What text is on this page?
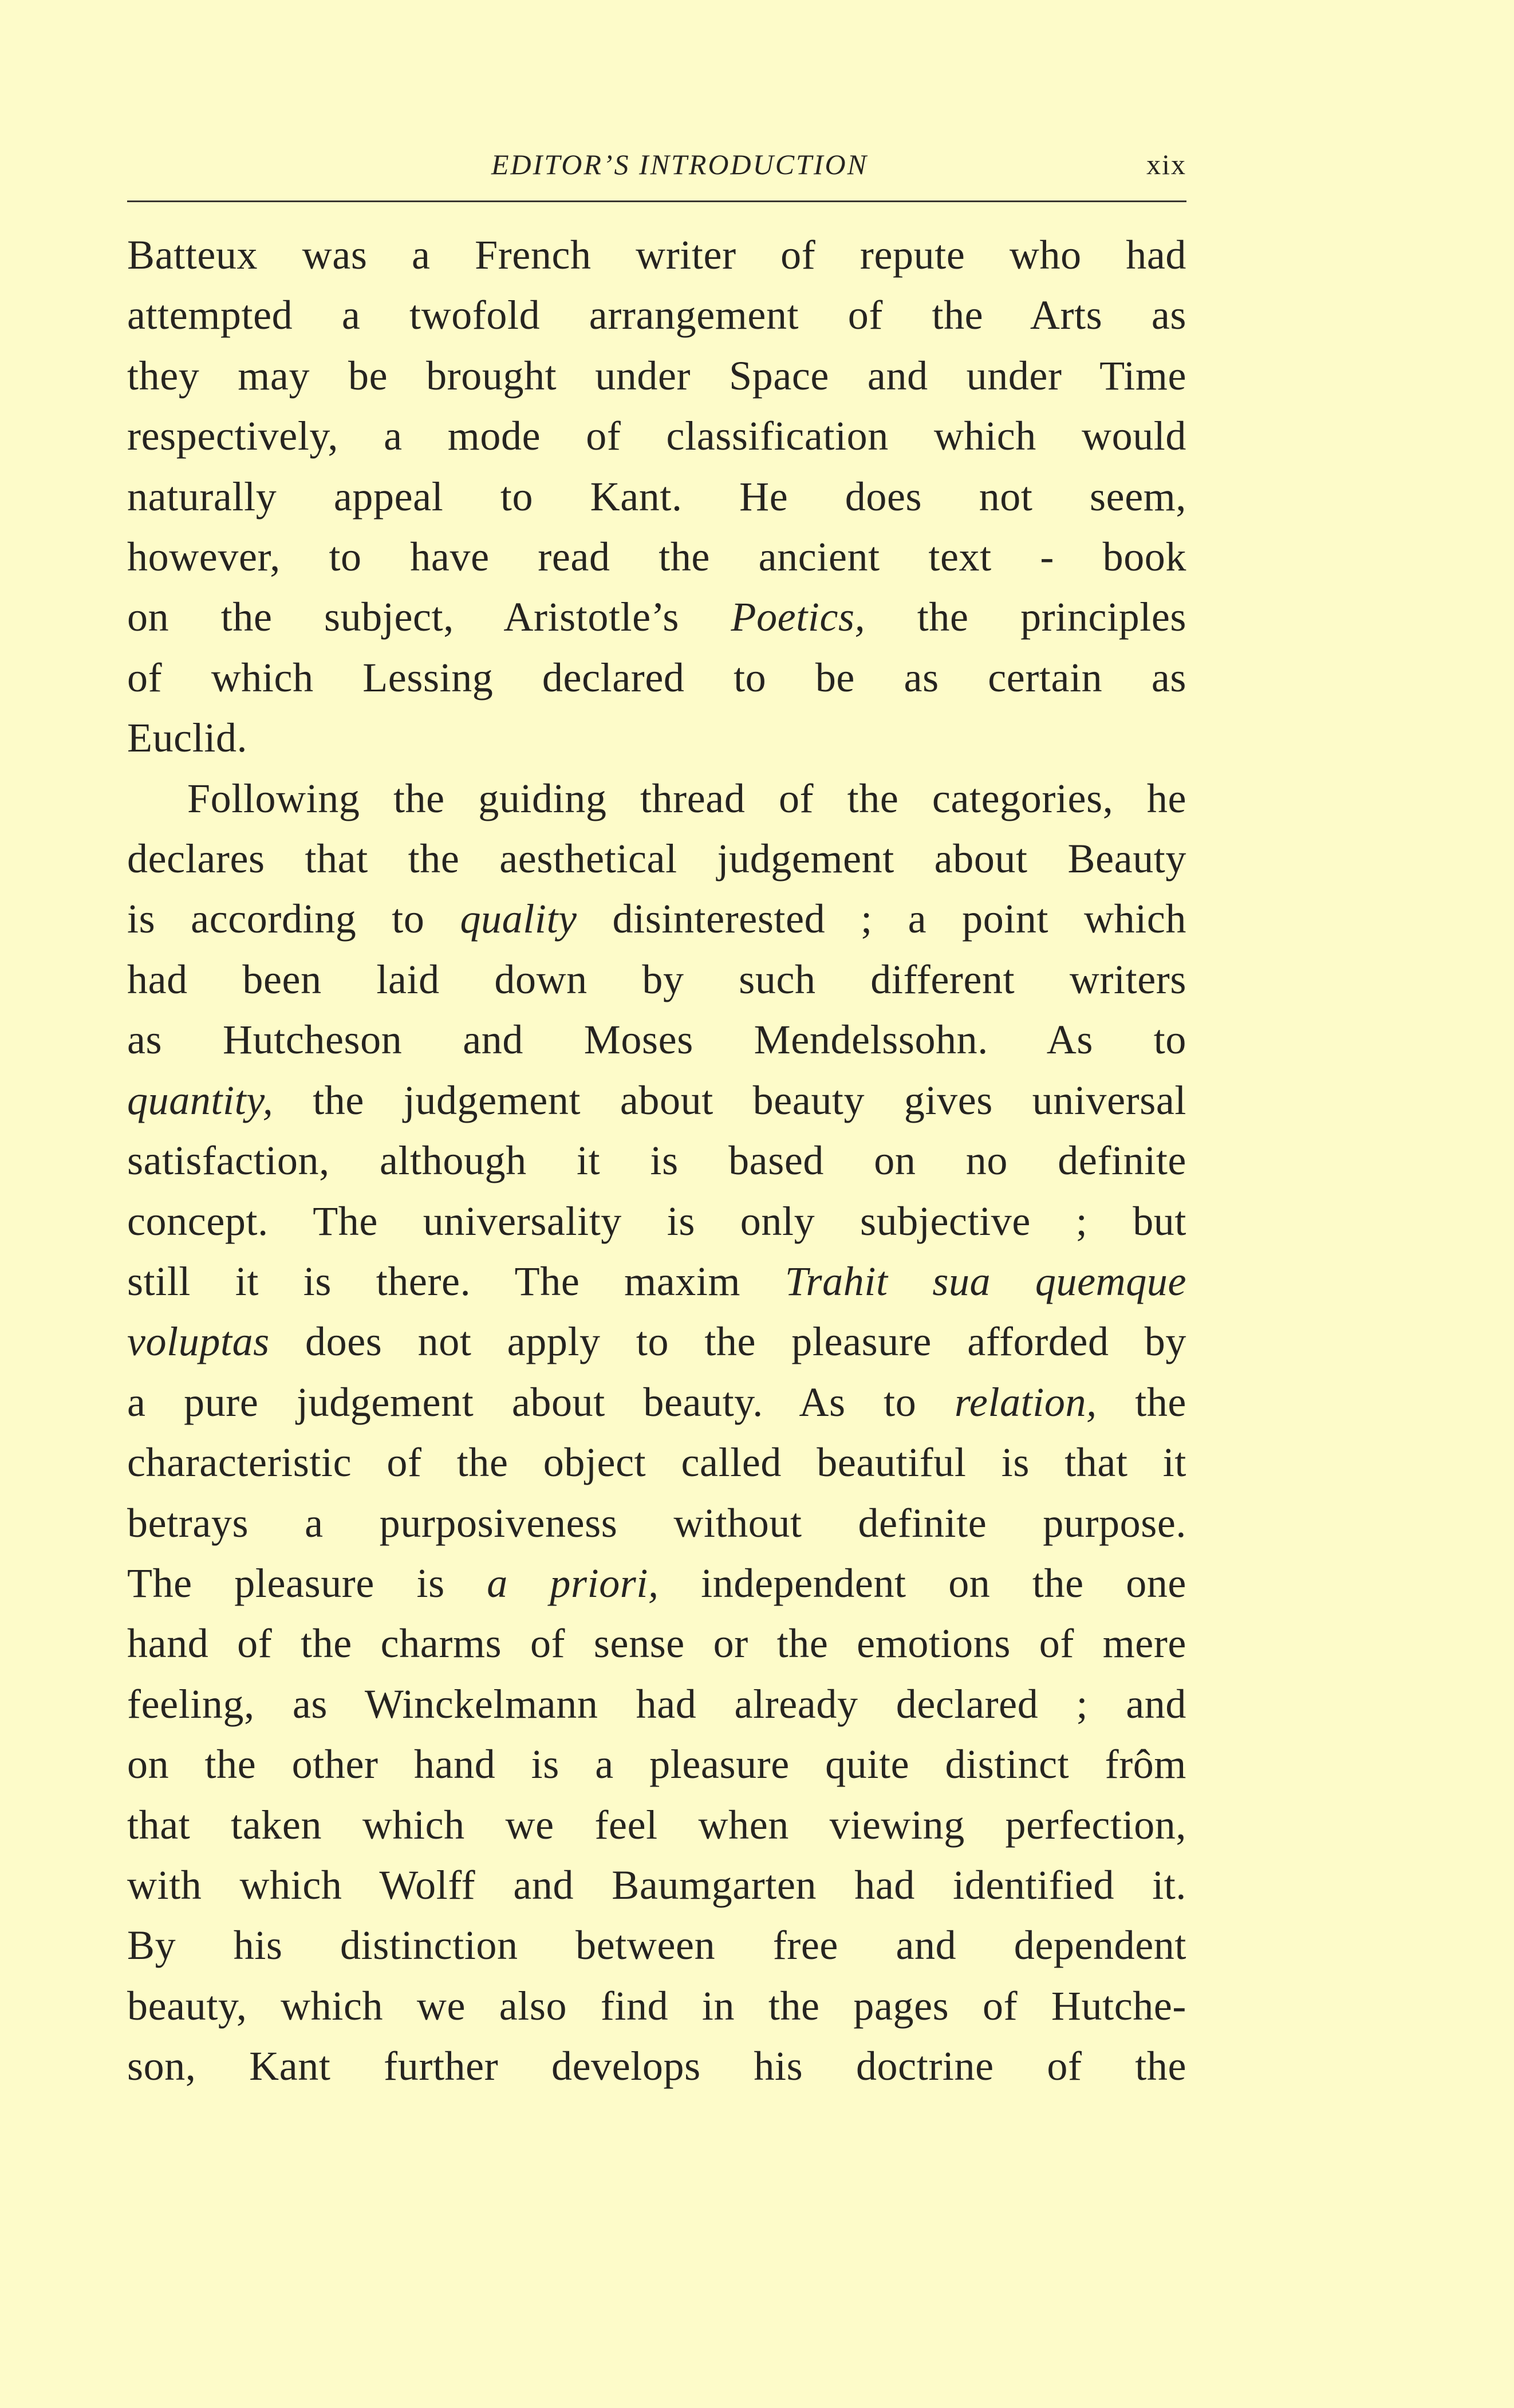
EDITOR’S INTRODUCTION	xix
Batteux was a French writer of repute who had
attempted a twofold arrangement of the Arts as
they may be brought under Space and under Time
respectively, a mode of classification which would
naturally appeal to Kant. He does not seem,
however, to have read the ancient text - book
on the subject, Aristotle’s Poetics, the principles
of which Lessing declared to be as certain as
Euclid.
Following the guiding thread of the categories, he
declares that the aesthetical judgement about Beauty
is according to quality disinterested ; a point which
had been laid down by such different writers
as Hutcheson and Moses Mendelssohn. As to
quantity, the judgement about beauty gives universal
satisfaction, although it is based on no definite
concept. The universality is only subjective ; but
still it is there. The maxim Trahit sua quemque
voluptas does not apply to the pleasure afforded by
a pure judgement about beauty. As to relation, the
characteristic of the object called beautiful is that it
betrays a purposiveness without definite purpose.
The pleasure is a priori, independent on the one
hand of the charms of sense or the emotions of mere
feeling, as Winckelmann had already declared ; and
on the other hand is a pleasure quite distinct frôm
that taken which we feel when viewing perfection,
with which Wolff and Baumgarten had identified it.
By his distinction between free and dependent
beauty, which we also find in the pages of Hutche-
son, Kant further develops his doctrine of the
